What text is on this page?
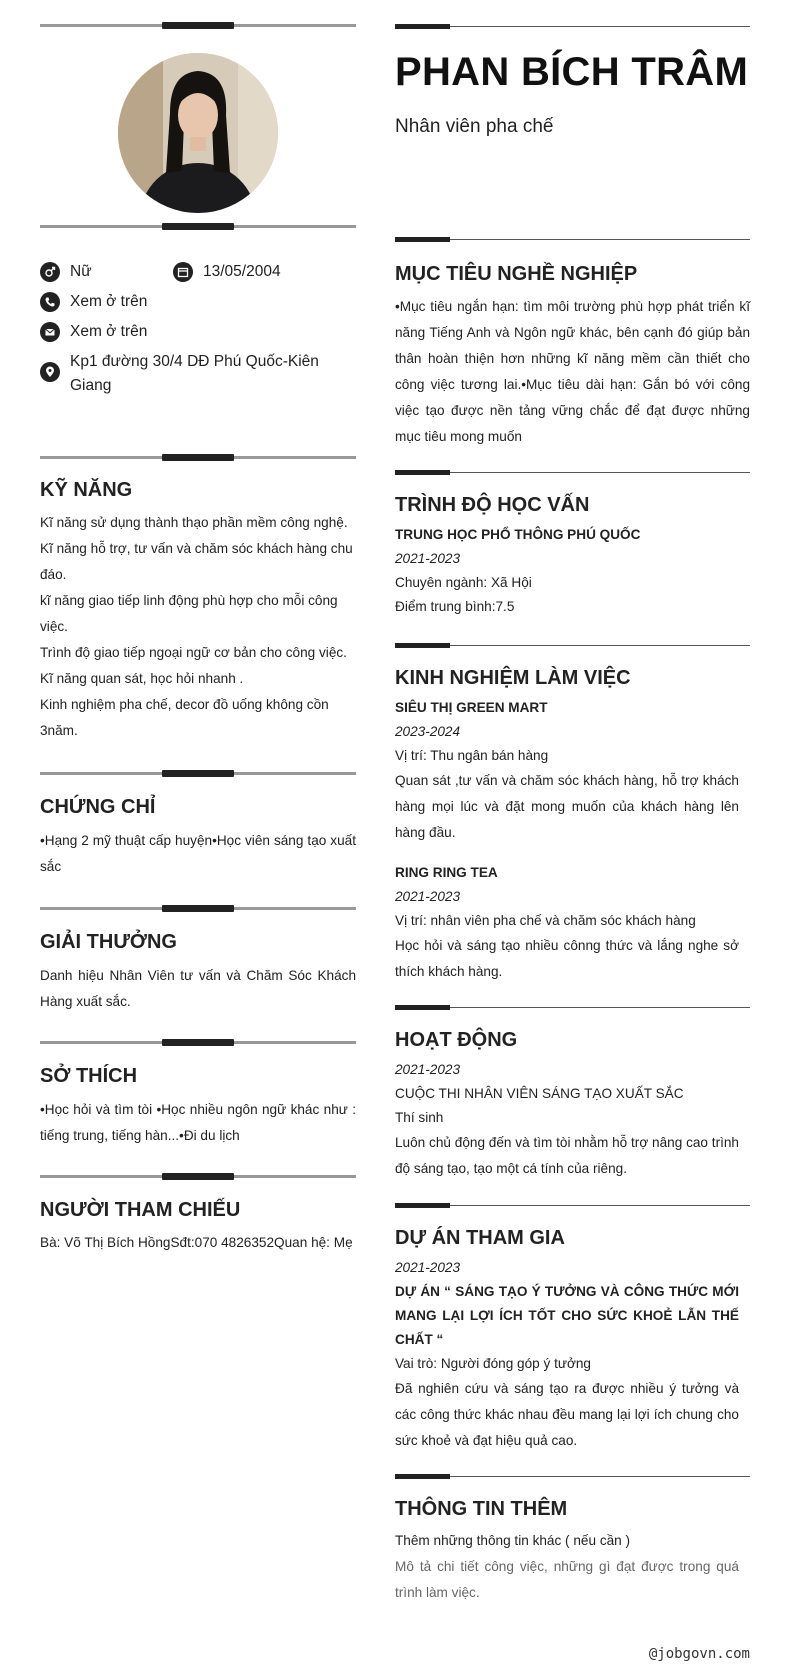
Nữ	13/05/2004
Xem ở trên
Xem ở trên
Kp1 đường 30/4 DĐ Phú Quốc-Kiên Giang
KỸ NĂNG
Kĩ năng sử dụng thành thạo phần mềm công nghệ.
Kĩ năng hỗ trợ, tư vấn và chăm sóc khách hàng chu đáo.
kĩ năng giao tiếp linh động phù hợp cho mỗi công việc.
Trình độ giao tiếp ngoại ngữ cơ bản cho công việc.
Kĩ năng quan sát, học hỏi nhanh .
Kinh nghiệm pha chế, decor đồ uống không cồn 3năm.
CHỨNG CHỈ
•Hạng 2 mỹ thuật cấp huyện•Học viên sáng tạo xuất sắc
GIẢI THƯỞNG
Danh hiệu Nhân Viên tư vấn và Chăm Sóc Khách Hàng xuất sắc.
SỞ THÍCH
•Học hỏi và tìm tòi •Học nhiều ngôn ngữ khác như : tiếng trung, tiếng hàn...•Đi du lịch
NGƯỜI THAM CHIẾU
Bà: Võ Thị Bích HồngSđt:070 4826352Quan hệ: Mẹ
PHAN BÍCH TRÂM
Nhân viên pha chế
MỤC TIÊU NGHỀ NGHIỆP
•Mục tiêu ngắn hạn: tìm môi trường phù hợp phát triển kĩ năng Tiếng Anh và Ngôn ngữ khác, bên cạnh đó giúp bản thân hoàn thiện hơn những kĩ năng mềm cần thiết cho công việc tương lai.•Mục tiêu dài hạn: Gắn bó với công việc tạo được nền tảng vững chắc để đạt được những mục tiêu mong muốn
TRÌNH ĐỘ HỌC VẤN
TRUNG HỌC PHỔ THÔNG PHÚ QUỐC
2021-2023
Chuyên ngành: Xã Hội
Điểm trung bình:7.5
KINH NGHIỆM LÀM VIỆC
SIÊU THỊ GREEN MART
2023-2024
Vị trí: Thu ngân bán hàng
Quan sát ,tư vấn và chăm sóc khách hàng, hỗ trợ khách hàng mọi lúc và đặt mong muốn của khách hàng lên hàng đầu.
RING RING TEA
2021-2023
Vị trí: nhân viên pha chế và chăm sóc khách hàng
Học hỏi và sáng tạo nhiều cônng thức và lắng nghe sở thích khách hàng.
HOẠT ĐỘNG
2021-2023
CUỘC THI NHÂN VIÊN SÁNG TẠO XUẤT SẮC
Thí sinh
Luôn chủ động đến và tìm tòi nhằm hỗ trợ nâng cao trình độ sáng tạo, tạo một cá tính của riêng.
DỰ ÁN THAM GIA
2021-2023
DỰ ÁN “ SÁNG TẠO Ý TƯỞNG VÀ CÔNG THỨC MỚI MANG LẠI LỢI ÍCH TỐT CHO SỨC KHOẺ LẪN THẾ CHẤT “
Vai trò: Người đóng góp ý tưởng
Đã nghiên cứu và sáng tạo ra được nhiều ý tưởng và các công thức khác nhau đều mang lại lợi ích chung cho sức khoẻ và đạt hiệu quả cao.
THÔNG TIN THÊM
Thêm những thông tin khác ( nếu cần )
Mô tả chi tiết công việc, những gì đạt được trong quá trình làm việc.
@jobgovn.com
